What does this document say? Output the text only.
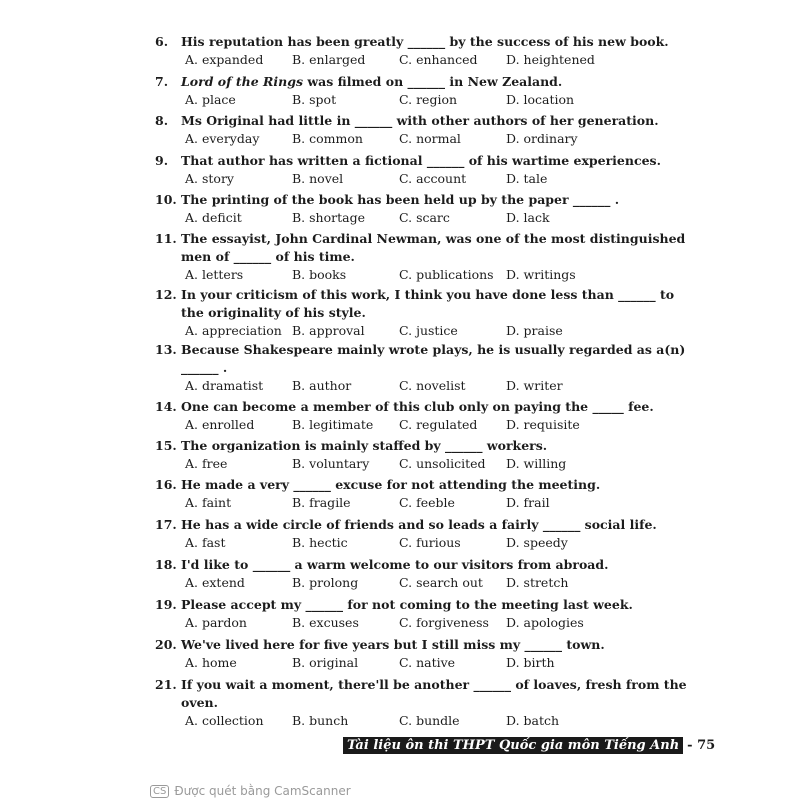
6. His reputation has been greatly ______ by the success of his new book.
A. expanded	B. enlarged	C. enhanced	D. heightened
7. Lord of the Rings was filmed on ______ in New Zealand.
A. place	B. spot	C. region	D. location
8. Ms Original had little in ______ with other authors of her generation.
A. everyday	B. common	C. normal	D. ordinary
9. That author has written a fictional ______ of his wartime experiences.
A. story	B. novel	C. account	D. tale
10. The printing of the book has been held up by the paper ______ .
A. deficit	B. shortage	C. scarc	D. lack
11. The essayist, John Cardinal Newman, was one of the most distinguished
men of ______ of his time.
A. letters	B. books	C. publications D. writings
12. In your criticism of this work, I think you have done less than ______ to
the originality of his style.
A. appreciation B. approval	C. justice	D. praise
13. Because Shakespeare mainly wrote plays, he is usually regarded as a(n)
______ .
A. dramatist	B. author	C. novelist	D. writer
14. One can become a member of this club only on paying the _____ fee.
A. enrolled	B. legitimate	C. regulated	D. requisite
15. The organization is mainly staffed by ______ workers.
A. free	B. voluntary	C. unsolicited	D. willing
16. He made a very ______ excuse for not attending the meeting.
A. faint	B. fragile	C. feeble	D. frail
17. He has a wide circle of friends and so leads a fairly ______ social life.
A. fast	B. hectic	C. furious	D. speedy
18. I'd like to ______ a warm welcome to our visitors from abroad.
A. extend	B. prolong	C. search out	D. stretch
19. Please accept my ______ for not coming to the meeting last week.
A. pardon	B. excuses	C. forgiveness	D. apologies
20. We've lived here for five years but I still miss my ______ town.
A. home	B. original	C. native	D. birth
21. If you wait a moment, there'll be another ______ of loaves, fresh from the
oven.
A. collection	B. bunch	C. bundle	D. batch
Tài liệu ôn thi THPT Quốc gia môn Tiếng Anh - 75
CS Được quét bằng CamScanner
